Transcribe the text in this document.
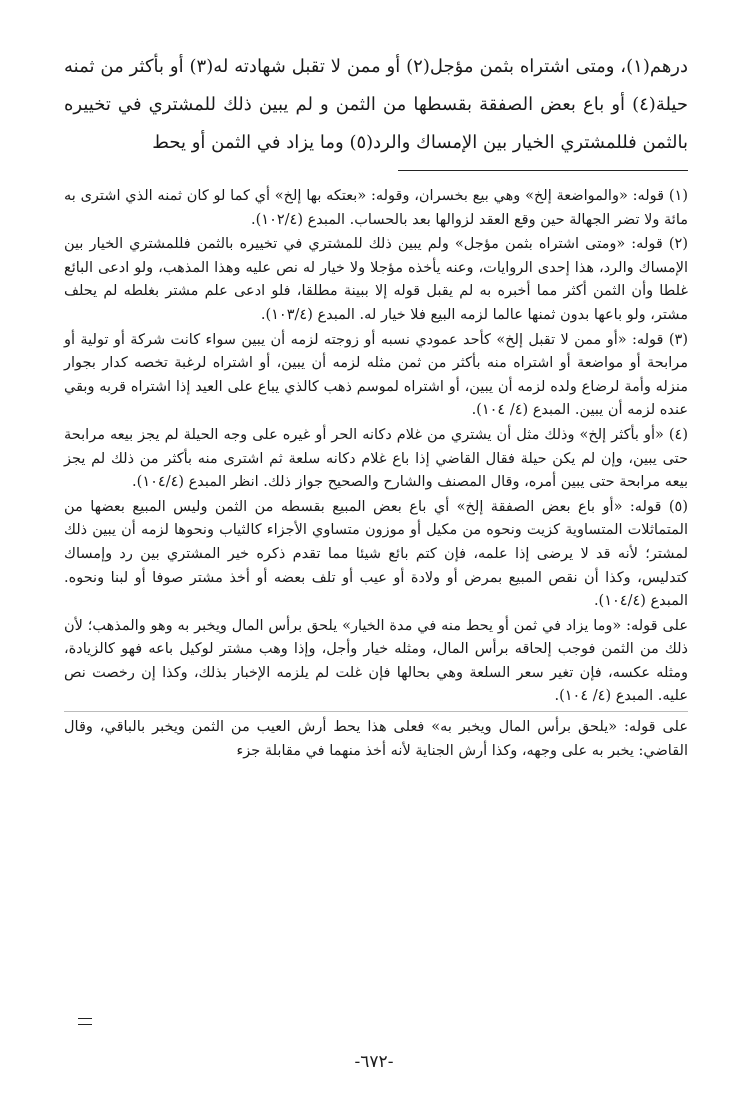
درهم(١)، ومتى اشتراه بثمن مؤجل(٢) أو ممن لا تقبل شهادته له(٣) أو بأكثر من ثمنه حيلة(٤) أو باع بعض الصفقة بقسطها من الثمن و لم يبين ذلك للمشتري في تخييره بالثمن فللمشتري الخيار بين الإمساك والرد(٥) وما يزاد في الثمن أو يحط

(١) قوله: «والمواضعة إلخ» وهي بيع بخسران، وقوله: «بعتكه بها إلخ» أي كما لو كان ثمنه الذي اشترى به مائة ولا تضر الجهالة حين وقع العقد لزوالها بعد بالحساب. المبدع (١٠٢/٤).

(٢) قوله: «ومتى اشتراه بثمن مؤجل» ولم يبين ذلك للمشتري في تخييره بالثمن فللمشتري الخيار بين الإمساك والرد، هذا إحدى الروايات، وعنه يأخذه مؤجلا ولا خيار له نص عليه وهذا المذهب، ولو ادعى البائع غلطا وأن الثمن أكثر مما أخبره به لم يقبل قوله إلا ببينة مطلقا، فلو ادعى علم مشتر بغلطه لم يحلف مشتر، ولو باعها بدون ثمنها عالما لزمه البيع فلا خيار له. المبدع (١٠٣/٤).

(٣) قوله: «أو ممن لا تقبل إلخ» كأحد عمودي نسبه أو زوجته لزمه أن يبين سواء كانت شركة أو تولية أو مرابحة أو مواضعة أو اشتراه منه بأكثر من ثمن مثله لزمه أن يبين، أو اشتراه لرغبة تخصه كدار بجوار منزله وأمة لرضاع ولده لزمه أن يبين، أو اشتراه لموسم ذهب كالذي يباع على العيد إذا اشتراه قربه وبقي عنده لزمه أن يبين. المبدع (٤/ ١٠٤).

(٤) «أو بأكثر إلخ» وذلك مثل أن يشتري من غلام دكانه الحر أو غيره على وجه الحيلة لم يجز بيعه مرابحة حتى يبين، وإن لم يكن حيلة فقال القاضي إذا باع غلام دكانه سلعة ثم اشترى منه بأكثر من ذلك لم يجز بيعه مرابحة حتى يبين أمره، وقال المصنف والشارح والصحيح جواز ذلك. انظر المبدع (١٠٤/٤).

(٥) قوله: «أو باع بعض الصفقة إلخ» أي باع بعض المبيع بقسطه من الثمن وليس المبيع بعضها من المتماثلات المتساوية كزيت ونحوه من مكيل أو موزون متساوي الأجزاء كالثياب ونحوها لزمه أن يبين ذلك لمشتر؛ لأنه قد لا يرضى إذا علمه، فإن كتم بائع شيئا مما تقدم ذكره خير المشتري بين رد وإمساك كتدليس، وكذا أن نقص المبيع بمرض أو ولادة أو عيب أو تلف بعضه أو أخذ مشتر صوفا أو لبنا ونحوه. المبدع (١٠٤/٤).

على قوله: «وما يزاد في ثمن أو يحط منه في مدة الخيار» يلحق برأس المال ويخبر به وهو والمذهب؛ لأن ذلك من الثمن فوجب إلحاقه برأس المال، ومثله خيار وأجل، وإذا وهب مشتر لوكيل باعه فهو كالزيادة، ومثله عكسه، فإن تغير سعر السلعة وهي بحالها فإن غلت لم يلزمه الإخبار بذلك، وكذا إن رخصت نص عليه. المبدع (٤/ ١٠٤).

على قوله: «يلحق برأس المال ويخبر به» فعلى هذا يحط أرش العيب من الثمن ويخبر بالباقي، وقال القاضي: يخبر به على وجهه، وكذا أرش الجناية لأنه أخذ منهما في مقابلة جزء

-٦٧٢-
